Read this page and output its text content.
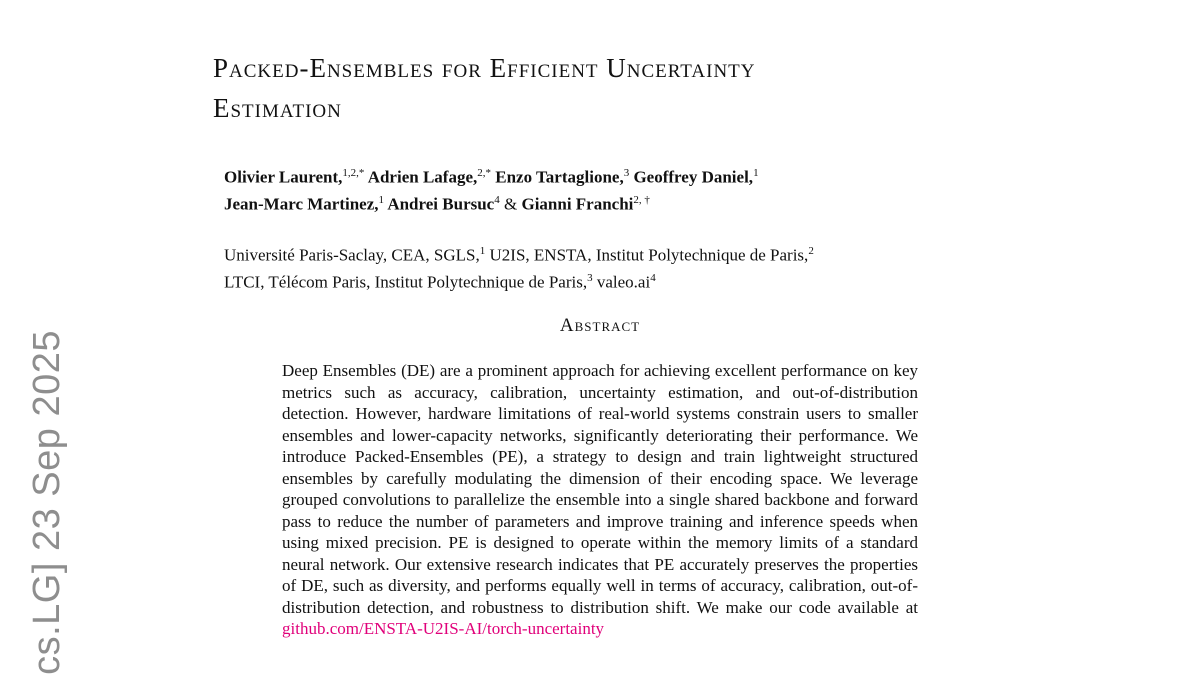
cs.LG] 23 Sep 2025
Packed-Ensembles for Efficient Uncertainty
Estimation

Olivier Laurent,$^{1,2,*}$ Adrien Lafage,$^{2,*}$ Enzo Tartaglione,$^3$ Geoffrey Daniel,$^1$
Jean-Marc Martinez,$^1$ Andrei Bursuc$^4$ & Gianni Franchi$^{2, \dagger}$

Université Paris-Saclay, CEA, SGLS,$^1$ U2IS, ENSTA, Institut Polytechnique de Paris,$^2$
LTCI, Télécom Paris, Institut Polytechnique de Paris,$^3$ $valeo.ai^4$

Abstract

Deep Ensembles (DE) are a prominent approach for achieving excellent performance on key metrics such as accuracy, calibration, uncertainty estimation, and out-of-distribution detection. However, hardware limitations of real-world systems constrain users to smaller ensembles and lower-capacity networks, significantly deteriorating their performance. We introduce Packed-Ensembles (PE), a strategy to design and train lightweight structured ensembles by carefully modulating the dimension of their encoding space. We leverage grouped convolutions to parallelize the ensemble into a single shared backbone and forward pass to reduce the number of parameters and improve training and inference speeds when using mixed precision. PE is designed to operate within the memory limits of a standard neural network. Our extensive research indicates that PE accurately preserves the properties of DE, such as diversity, and performs equally well in terms of accuracy, calibration, out-of-distribution detection, and robustness to distribution shift. We make our code available at github.com/ENSTA-U2IS-AI/torch-uncertainty
